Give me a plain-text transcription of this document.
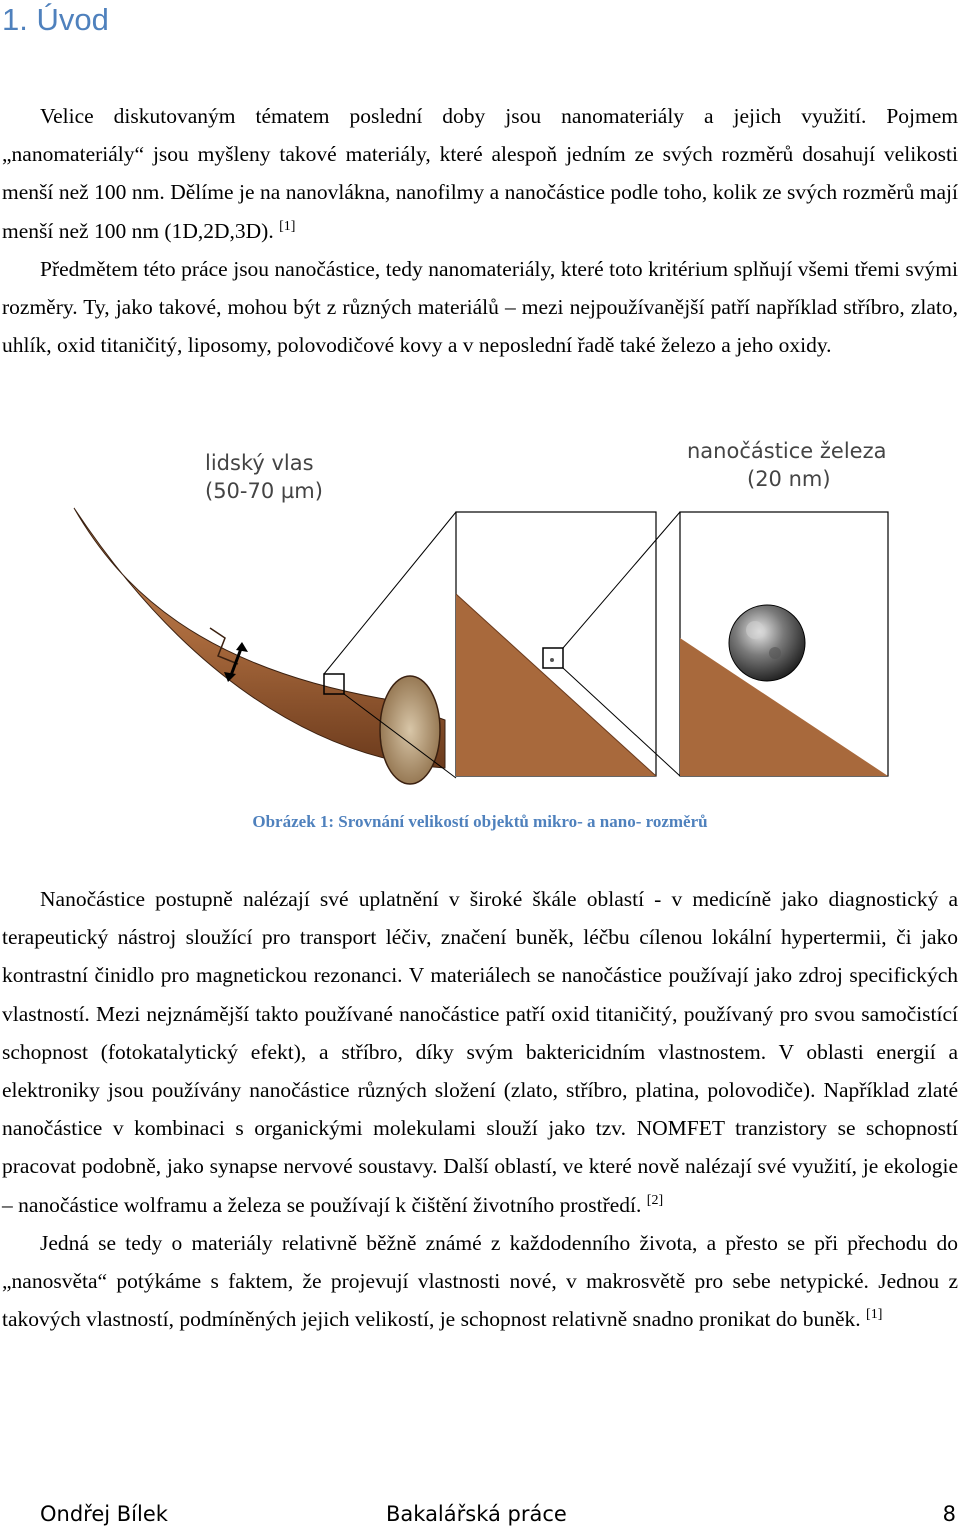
1. Úvod
Velice diskutovaným tématem poslední doby jsou nanomateriály a jejich využití. Pojmem „nanomateriály“ jsou myšleny takové materiály, které alespoň jedním ze svých rozměrů dosahují velikosti menší než 100 nm. Dělíme je na nanovlákna, nanofilmy a nanočástice podle toho, kolik ze svých rozměrů mají menší než 100 nm (1D,2D,3D). [1]
Předmětem této práce jsou nanočástice, tedy nanomateriály, které toto kritérium splňují všemi třemi svými rozměry. Ty, jako takové, mohou být z různých materiálů – mezi nejpoužívanější patří například stříbro, zlato, uhlík, oxid titaničitý, liposomy, polovodičové kovy a v neposlední řadě také železo a jeho oxidy.
lidský vlas
(50-70 µm)
nanočástice železa
(20 nm)

Obrázek 1: Srovnání velikostí objektů mikro- a nano- rozměrů

Nanočástice postupně nalézají své uplatnění v široké škále oblastí - v medicíně jako diagnostický a terapeutický nástroj sloužící pro transport léčiv, značení buněk, léčbu cílenou lokální hypertermii, či jako kontrastní činidlo pro magnetickou rezonanci. V materiálech se nanočástice používají jako zdroj specifických vlastností. Mezi nejznámější takto používané nanočástice patří oxid titaničitý, používaný pro svou samočistící schopnost (fotokatalytický efekt), a stříbro, díky svým baktericidním vlastnostem. V oblasti energií a elektroniky jsou používány nanočástice různých složení (zlato, stříbro, platina, polovodiče). Například zlaté nanočástice v kombinaci s organickými molekulami slouží jako tzv. NOMFET tranzistory se schopností pracovat podobně, jako synapse nervové soustavy. Další oblastí, ve které nově nalézají své využití, je ekologie – nanočástice wolframu a železa se používají k čištění životního prostředí. [2]
Jedná se tedy o materiály relativně běžně známé z každodenního života, a přesto se při přechodu do „nanosvěta“ potýkáme s faktem, že projevují vlastnosti nové, v makrosvětě pro sebe netypické. Jednou z takových vlastností, podmíněných jejich velikostí, je schopnost relativně snadno pronikat do buněk. [1]
Ondřej Bílek	Bakalářská práce	8
